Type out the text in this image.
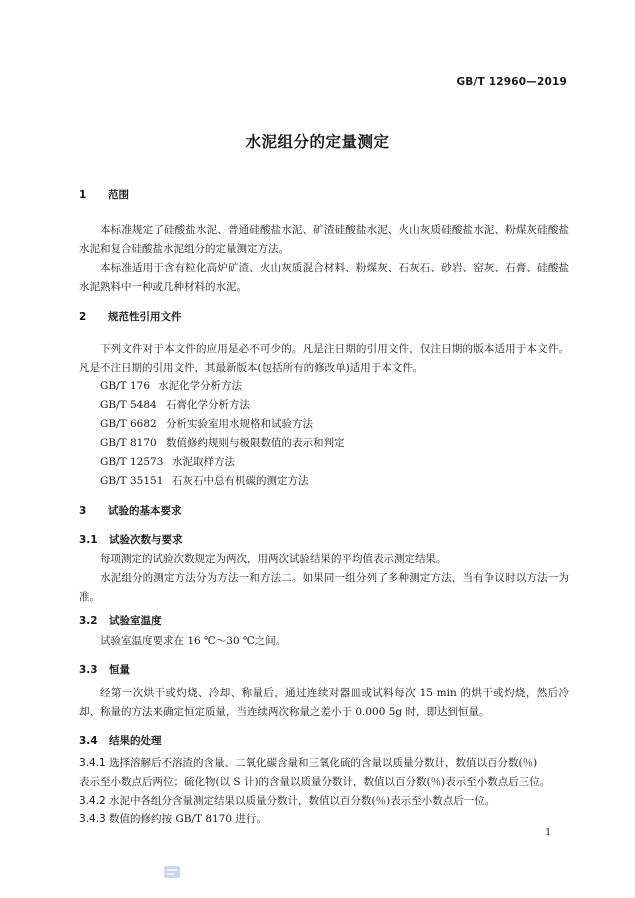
GB/T 12960—2019
水泥组分的定量测定
1 范围

本标准规定了硅酸盐水泥、普通硅酸盐水泥、矿渣硅酸盐水泥、火山灰质硅酸盐水泥、粉煤灰硅酸盐水泥和复合硅酸盐水泥组分的定量测定方法。

本标准适用于含有粒化高炉矿渣、火山灰质混合材料、粉煤灰、石灰石、砂岩、窑灰、石膏、硅酸盐水泥熟料中一种或几种材料的水泥。

2 规范性引用文件

下列文件对于本文件的应用是必不可少的。凡是注日期的引用文件，仅注日期的版本适用于本文件。凡是不注日期的引用文件，其最新版本(包括所有的修改单)适用于本文件。

GB/T 176 水泥化学分析方法
GB/T 5484 石膏化学分析方法
GB/T 6682 分析实验室用水规格和试验方法
GB/T 8170 数值修约规则与极限数值的表示和判定
GB/T 12573 水泥取样方法
GB/T 35151 石灰石中总有机碳的测定方法
3 试验的基本要求
3.1 试验次数与要求

每项测定的试验次数规定为两次，用两次试验结果的平均值表示测定结果。

水泥组分的测定方法分为方法一和方法二。如果同一组分列了多种测定方法，当有争议时以方法一为准。

3.2 试验室温度

试验室温度要求在 16 ℃～30 ℃之间。

3.3 恒量

经第一次烘干或灼烧、冷却、称量后，通过连续对器皿或试料每次 15 min 的烘干或灼烧，然后冷却、称量的方法来确定恒定质量，当连续两次称量之差小于 0.000 5g 时，即达到恒量。

3.4 结果的处理
3.4.1 选择溶解后不溶渣的含量、二氧化碳含量和三氧化硫的含量以质量分数计，数值以百分数(％)
表示至小数点后两位；硫化物(以 S 计)的含量以质量分数计，数值以百分数(％)表示至小数点后三位。
3.4.2 水泥中各组分含量测定结果以质量分数计，数值以百分数(％)表示至小数点后一位。
3.4.3 数值的修约按 GB/T 8170 进行。
1
